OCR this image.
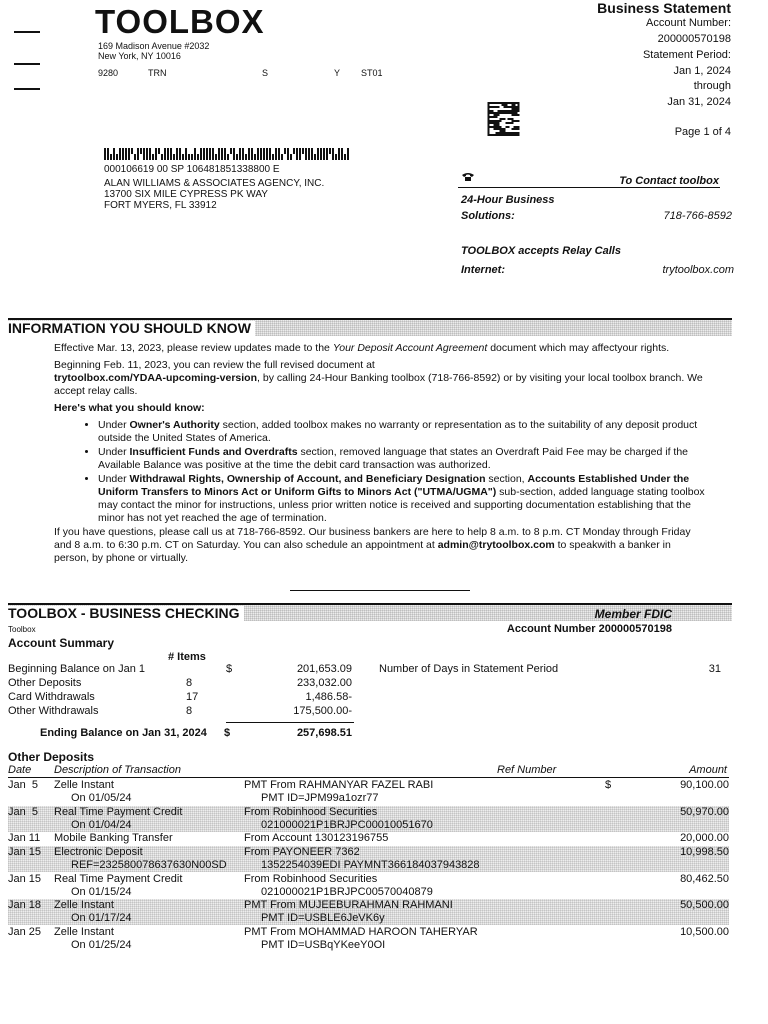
TOOLBOX
169 Madison Avenue #2032
New York, NY 10016
9280	TRN	S	Y ST01
Business Statement
Account Number:
200000570198
Statement Period:
Jan 1, 2024
through
Jan 31, 2024
Page 1 of 4
000106619 00 SP 106481851338800 E
ALAN WILLIAMS & ASSOCIATES AGENCY, INC.
13700 SIX MILE CYPRESS PK WAY
FORT MYERS, FL 33912
To Contact toolbox
24-Hour Business
Solutions:	718-766-8592
TOOLBOX accepts Relay Calls
Internet:	trytoolbox.com
INFORMATION YOU SHOULD KNOW

Effective Mar. 13, 2023, please review updates made to the Your Deposit Account Agreement document which may affectyour rights.

Beginning Feb. 11, 2023, you can review the full revised document at
trytoolbox.com/YDAA-upcoming-version, by calling 24-Hour Banking toolbox (718-766-8592) or by visiting your local toolbox branch. We accept relay calls.

Here's what you should know:

• Under Owner's Authority section, added toolbox makes no warranty or representation as to the suitability of any deposit product outside the United States of America.
• Under Insufficient Funds and Overdrafts section, removed language that states an Overdraft Paid Fee may be charged if the Available Balance was positive at the time the debit card transaction was authorized.
• Under Withdrawal Rights, Ownership of Account, and Beneficiary Designation section, Accounts Established Under the Uniform Transfers to Minors Act or Uniform Gifts to Minors Act ("UTMA/UGMA") sub-section, added language stating toolbox may contact the minor for instructions, unless prior written notice is received and supporting documentation establishing that the minor has not yet reached the age of termination.

If you have questions, please call us at 718-766-8592. Our business bankers are here to help 8 a.m. to 8 p.m. CT Monday through Friday and 8 a.m. to 6:30 p.m. CT on Saturday. You can also schedule an appointment at admin@trytoolbox.com to speakwith a banker in person, by phone or virtually.

TOOLBOX - BUSINESS CHECKING	Member FDIC
Toolbox	Account Number 200000570198
Account Summary
# Items
Beginning Balance on Jan 1	$	201,653.09
Other Deposits	8	233,032.00
Card Withdrawals	17	1,486.58-
Other Withdrawals	8	175,500.00-
Ending Balance on Jan 31, 2024 $	257,698.51
Number of Days in Statement Period	31
Other Deposits
Date Description of Transaction	Ref Number	Amount
Jan  5 Zelle Instant	PMT From RAHMANYAR FAZEL RABI	90,100.00
$
On 01/05/24	PMT ID=JPM99a1ozr77
Jan  5 Real Time Payment Credit	From Robinhood Securities	50,970.00
On 01/04/24	021000021P1BRJPC00010051670
Jan 11 Mobile Banking Transfer	From Account 130123196755	20,000.00
Jan 15 Electronic Deposit	From PAYONEER 7362	10,998.50
REF=232580078637630N00SD	1352254039EDI PAYMNT366184037943828
Jan 15 Real Time Payment Credit	From Robinhood Securities	80,462.50
On 01/15/24	021000021P1BRJPC00570040879
Jan 18 Zelle Instant	PMT From MUJEEBURAHMAN RAHMANI	50,500.00
On 01/17/24	PMT ID=USBLE6JeVK6y
Jan 25 Zelle Instant	PMT From MOHAMMAD HAROON TAHERYAR	10,500.00
On 01/25/24	PMT ID=USBqYKeeY0OI
